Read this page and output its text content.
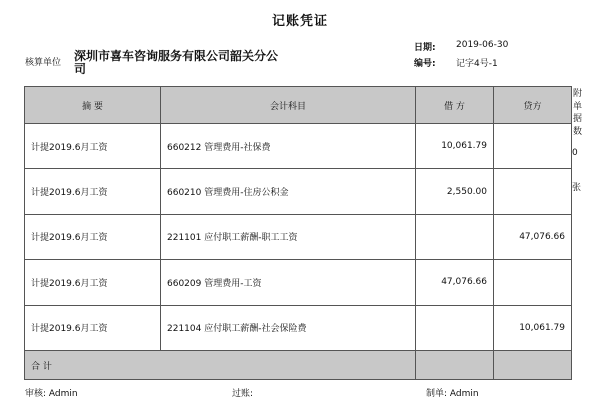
记账凭证
核算单位 深圳市喜车咨询服务有限公司韶关分公司
日期: 2019-06-30
编号: 记字4号-1
摘 要	会计科目	借 方	贷方
计提2019.6月工资	660212 管理费用-社保费	10,061.79	
计提2019.6月工资	660210 管理费用-住房公积金	2,550.00	
计提2019.6月工资	221101 应付职工薪酬-职工工资		47,076.66
计提2019.6月工资	660209 管理费用-工资	47,076.66	
计提2019.6月工资	221104 应付职工薪酬-社会保险费		10,061.79
合 计			
附单据数
0
张
审核: Admin	过账:	制单: Admin
